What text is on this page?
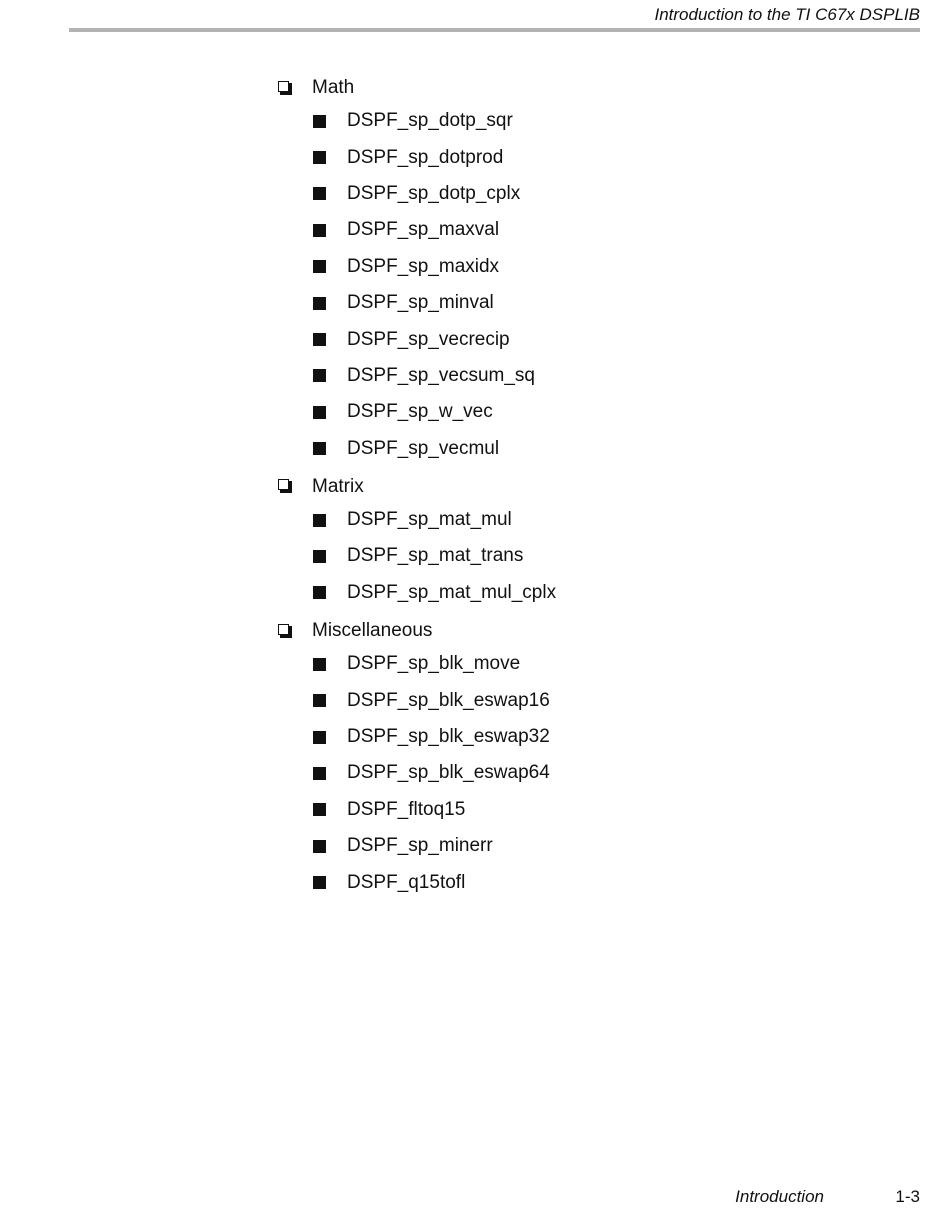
Introduction to the TI C67x DSPLIB
Math
DSPF_sp_dotp_sqr
DSPF_sp_dotprod
DSPF_sp_dotp_cplx
DSPF_sp_maxval
DSPF_sp_maxidx
DSPF_sp_minval
DSPF_sp_vecrecip
DSPF_sp_vecsum_sq
DSPF_sp_w_vec
DSPF_sp_vecmul
Matrix
DSPF_sp_mat_mul
DSPF_sp_mat_trans
DSPF_sp_mat_mul_cplx
Miscellaneous
DSPF_sp_blk_move
DSPF_sp_blk_eswap16
DSPF_sp_blk_eswap32
DSPF_sp_blk_eswap64
DSPF_fltoq15
DSPF_sp_minerr
DSPF_q15tofl
Introduction	1-3
